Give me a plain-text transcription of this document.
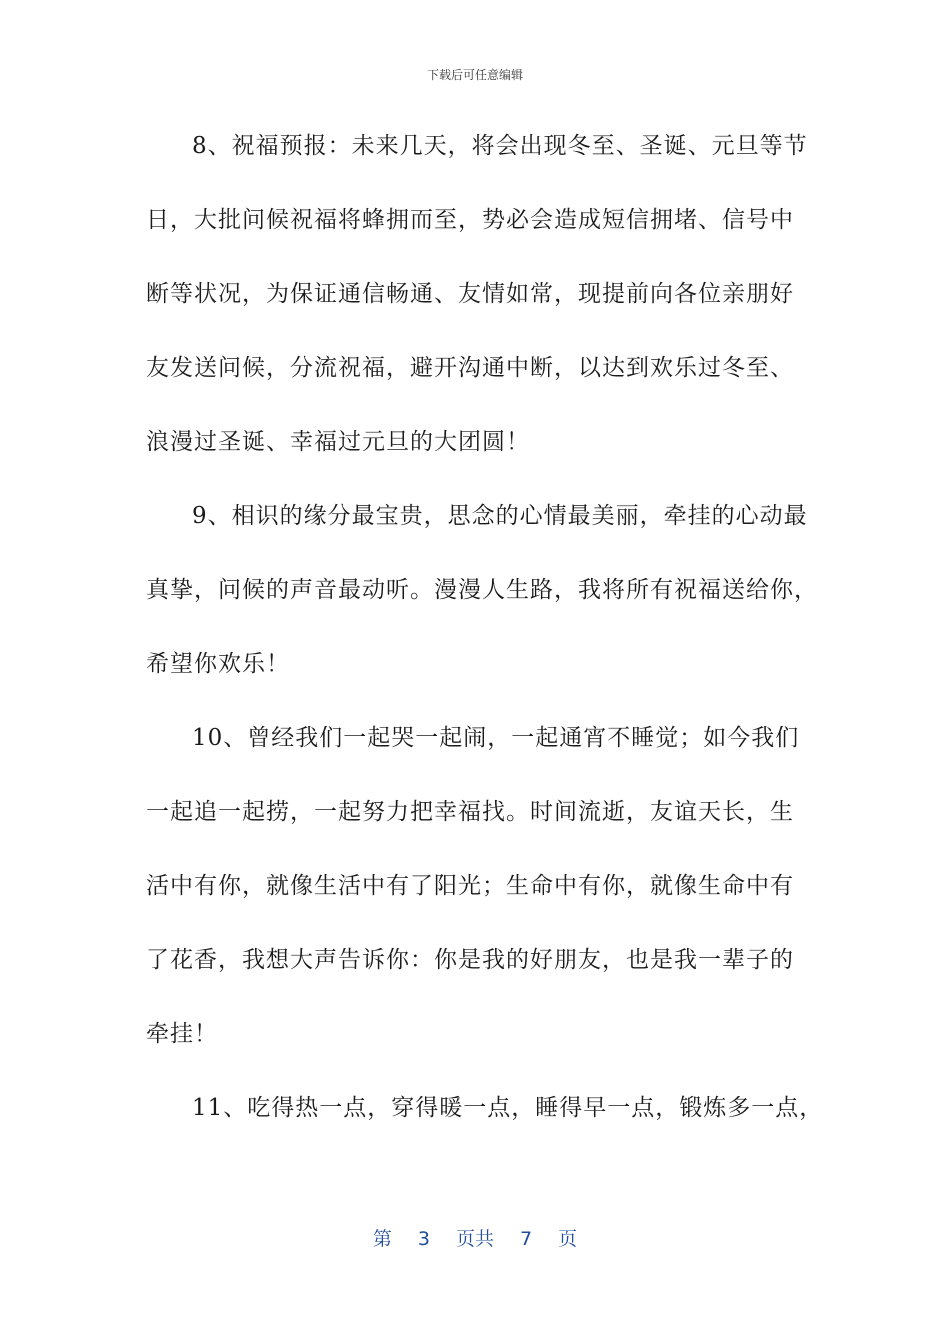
下载后可任意编辑
8、祝福预报：未来几天，将会出现冬至、圣诞、元旦等节
日，大批问候祝福将蜂拥而至，势必会造成短信拥堵、信号中
断等状况，为保证通信畅通、友情如常，现提前向各位亲朋好
友发送问候，分流祝福，避开沟通中断，以达到欢乐过冬至、
浪漫过圣诞、幸福过元旦的大团圆！
9、相识的缘分最宝贵，思念的心情最美丽，牵挂的心动最
真挚，问候的声音最动听。漫漫人生路，我将所有祝福送给你，
希望你欢乐！
10、曾经我们一起哭一起闹，一起通宵不睡觉；如今我们
一起追一起捞，一起努力把幸福找。时间流逝，友谊天长，生
活中有你，就像生活中有了阳光；生命中有你，就像生命中有
了花香，我想大声告诉你：你是我的好朋友，也是我一辈子的
牵挂！
11、吃得热一点，穿得暖一点，睡得早一点，锻炼多一点，
第 3 页共 7 页
